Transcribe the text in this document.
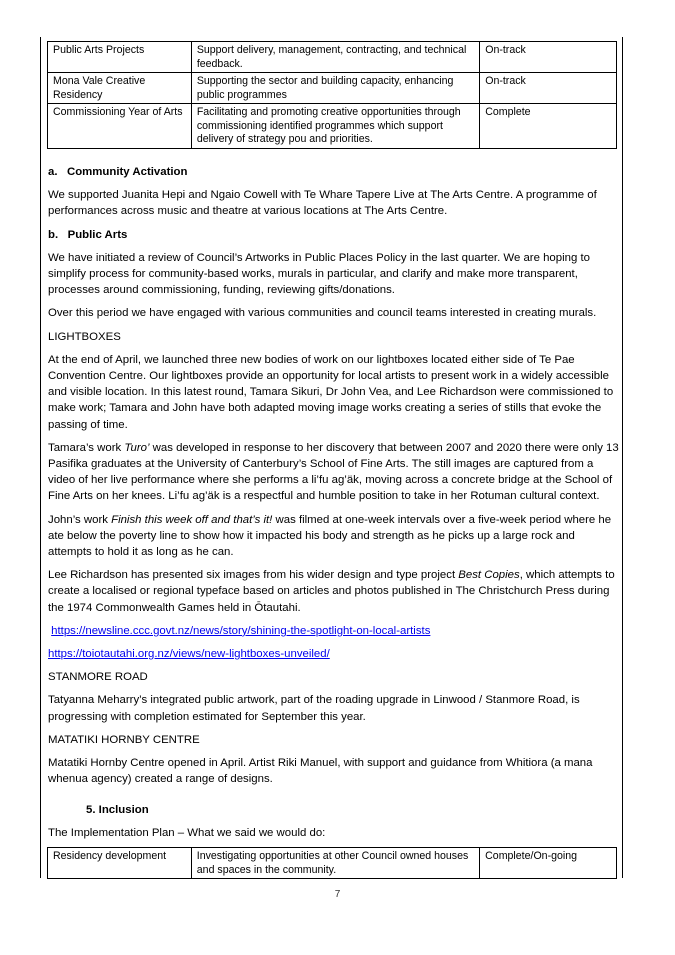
Public Arts Projects	Support delivery, management, contracting, and technical feedback.	On-track
Mona Vale Creative Residency	Supporting the sector and building capacity, enhancing public programmes	On-track
Commissioning Year of Arts	Facilitating and promoting creative opportunities through commissioning identified programmes which support delivery of strategy pou and priorities.	Complete
a.   Community Activation

We supported Juanita Hepi and Ngaio Cowell with Te Whare Tapere Live at The Arts Centre. A programme of performances across music and theatre at various locations at The Arts Centre.

b.   Public Arts

We have initiated a review of Council’s Artworks in Public Places Policy in the last quarter. We are hoping to simplify process for community-based works, murals in particular, and clarify and make more transparent, processes around commissioning, funding, reviewing gifts/donations.

Over this period we have engaged with various communities and council teams interested in creating murals.

LIGHTBOXES

At the end of April, we launched three new bodies of work on our lightboxes located either side of Te Pae Convention Centre. Our lightboxes provide an opportunity for local artists to present work in a widely accessible and visible location. In this latest round, Tamara Sikuri, Dr John Vea, and Lee Richardson were commissioned to make work; Tamara and John have both adapted moving image works creating a series of stills that evoke the passing of time.

Tamara’s work Turo’ was developed in response to her discovery that between 2007 and 2020 there were only 13 Pasifika graduates at the University of Canterbury’s School of Fine Arts. The still images are captured from a video of her live performance where she performs a li’fu ag’äk, moving across a concrete bridge at the School of Fine Arts on her knees. Li’fu ag’äk is a respectful and humble position to take in her Rotuman cultural context.

John’s work Finish this week off and that’s it! was filmed at one-week intervals over a five-week period where he ate below the poverty line to show how it impacted his body and strength as he picks up a large rock and attempts to hold it as long as he can.

Lee Richardson has presented six images from his wider design and type project Best Copies, which attempts to create a localised or regional typeface based on articles and photos published in The Christchurch Press during the 1974 Commonwealth Games held in Ōtautahi.

https://newsline.ccc.govt.nz/news/story/shining-the-spotlight-on-local-artists

https://toiotautahi.org.nz/views/new-lightboxes-unveiled/

STANMORE ROAD

Tatyanna Meharry’s integrated public artwork, part of the roading upgrade in Linwood / Stanmore Road, is progressing with completion estimated for September this year.

MATATIKI HORNBY CENTRE

Matatiki Hornby Centre opened in April. Artist Riki Manuel, with support and guidance from Whitiora (a mana whenua agency) created a range of designs.

5. Inclusion

The Implementation Plan – What we said we would do:

Residency development	Investigating opportunities at other Council owned houses and spaces in the community.	Complete/On-going
7
